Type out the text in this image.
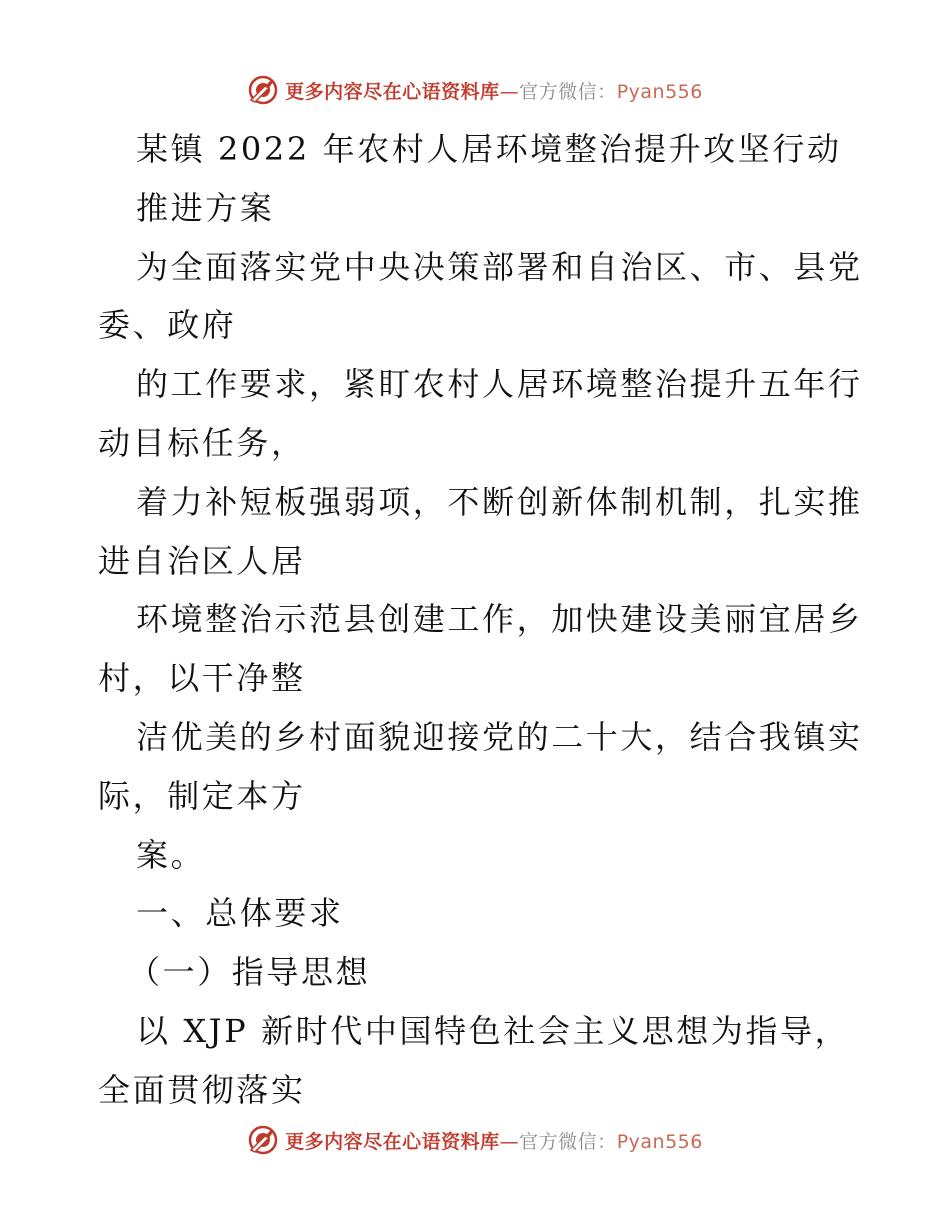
更多内容尽在心语资料库—官方微信：Pyan556
某镇 2022 年农村人居环境整治提升攻坚行动
推进方案
为全面落实党中央决策部署和自治区、市、县党
委、政府
的工作要求，紧盯农村人居环境整治提升五年行
动目标任务，
着力补短板强弱项，不断创新体制机制，扎实推
进自治区人居
环境整治示范县创建工作，加快建设美丽宜居乡
村，以干净整
洁优美的乡村面貌迎接党的二十大，结合我镇实
际，制定本方
案。
一、总体要求
（一）指导思想
以 XJP 新时代中国特色社会主义思想为指导，
全面贯彻落实
更多内容尽在心语资料库—官方微信：Pyan556
